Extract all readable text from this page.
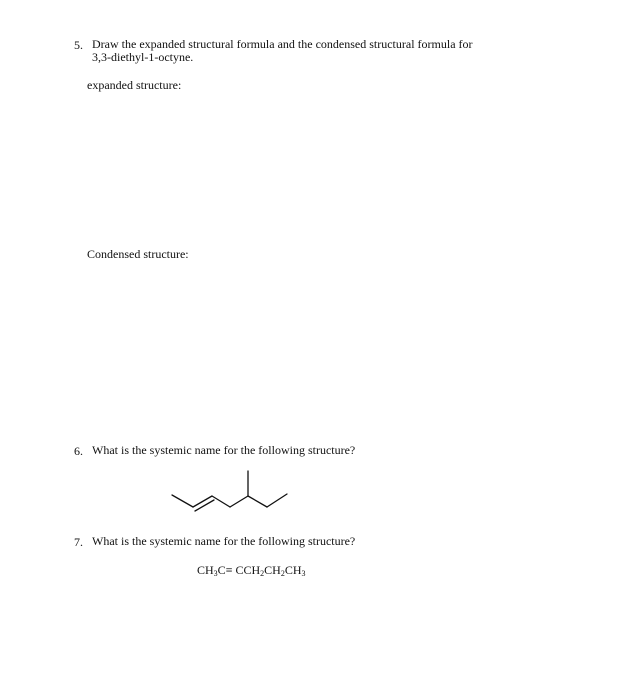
5. Draw the expanded structural formula and the condensed structural formula for
3,3-diethyl-1-octyne.
expanded structure:
Condensed structure:
6. What is the systemic name for the following structure?
7. What is the systemic name for the following structure?
$CH_3C\equiv CCH_2CH_2CH_3$
